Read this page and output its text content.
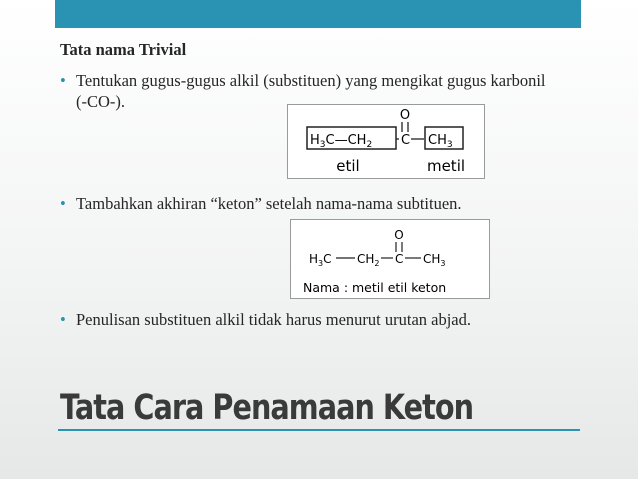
Tata nama Trivial
• Tentukan gugus-gugus alkil (substituen) yang mengikat gugus karbonil (-CO-).
O
$H_3C—CH_2$ C $CH_3$
etil	metil
• Tambahkan akhiran “keton” setelah nama-nama subtituen.
O
$H_3C$ $CH_2$ C $CH_3$
Nama : metil etil keton
• Penulisan substituen alkil tidak harus menurut urutan abjad.
Tata Cara Penamaan Keton
